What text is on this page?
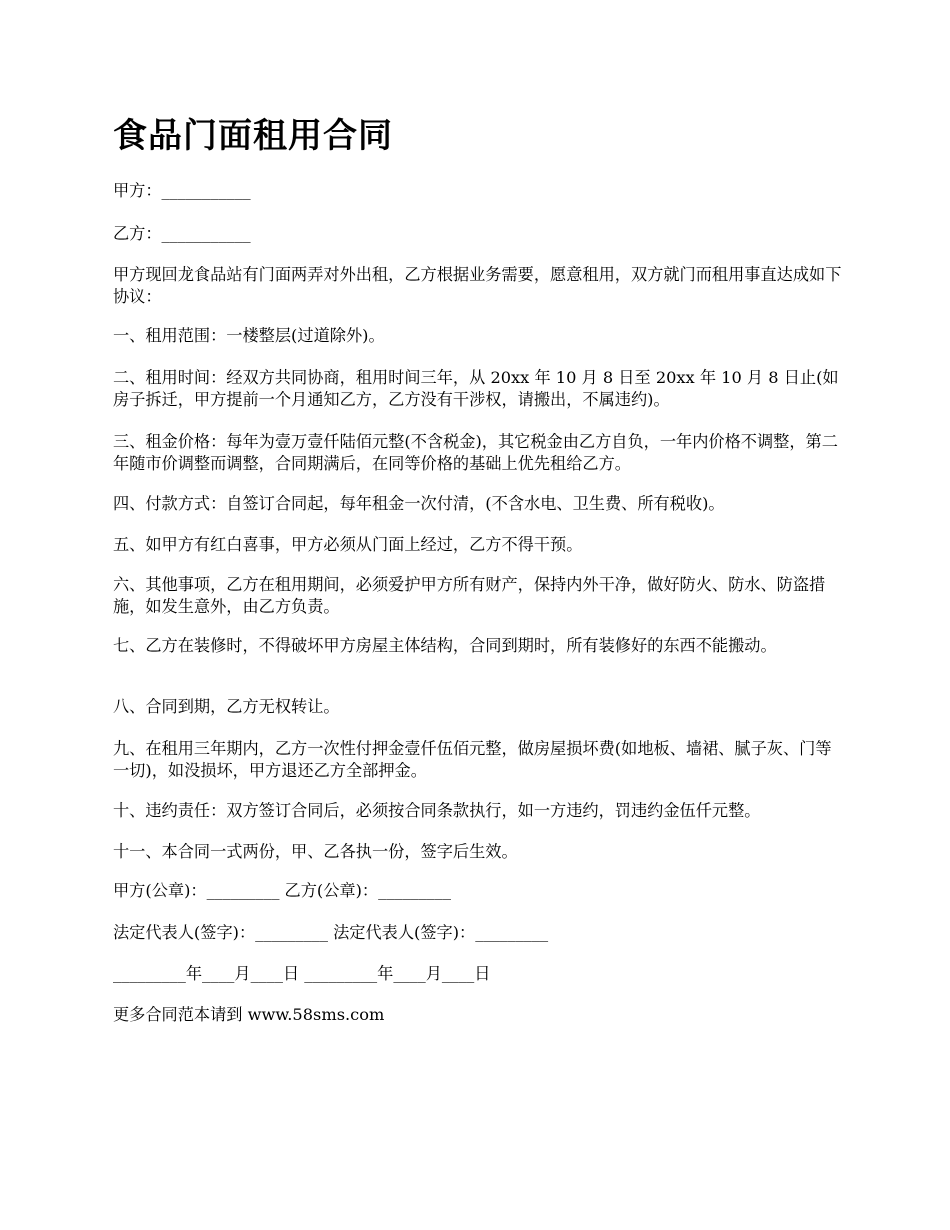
食品门面租用合同

甲方：___________

乙方：___________

甲方现回龙食品站有门面两弄对外出租，乙方根据业务需要，愿意租用，双方就门而租用事直达成如下协议：

一、租用范围：一楼整层(过道除外)。

二、租用时间：经双方共同协商，租用时间三年，从 20xx 年 10 月 8 日至 20xx 年 10 月 8 日止(如房子拆迁，甲方提前一个月通知乙方，乙方没有干涉权，请搬出，不属违约)。

三、租金价格：每年为壹万壹仟陆佰元整(不含税金)，其它税金由乙方自负，一年内价格不调整，第二年随市价调整而调整，合同期满后，在同等价格的基础上优先租给乙方。

四、付款方式：自签订合同起，每年租金一次付清，(不含水电、卫生费、所有税收)。

五、如甲方有红白喜事，甲方必须从门面上经过，乙方不得干预。

六、其他事项，乙方在租用期间，必须爱护甲方所有财产，保持内外干净，做好防火、防水、防盗措施，如发生意外，由乙方负责。

七、乙方在装修时，不得破坏甲方房屋主体结构，合同到期时，所有装修好的东西不能搬动。

八、合同到期，乙方无权转让。

九、在租用三年期内，乙方一次性付押金壹仟伍佰元整，做房屋损坏费(如地板、墙裙、腻子灰、门等一切)，如没损坏，甲方退还乙方全部押金。

十、违约责任：双方签订合同后，必须按合同条款执行，如一方违约，罚违约金伍仟元整。

十一、本合同一式两份，甲、乙各执一份，签字后生效。

甲方(公章)：_________ 乙方(公章)：_________

法定代表人(签字)：_________ 法定代表人(签字)：_________

_________年____月____日 _________年____月____日

更多合同范本请到 www.58sms.com
